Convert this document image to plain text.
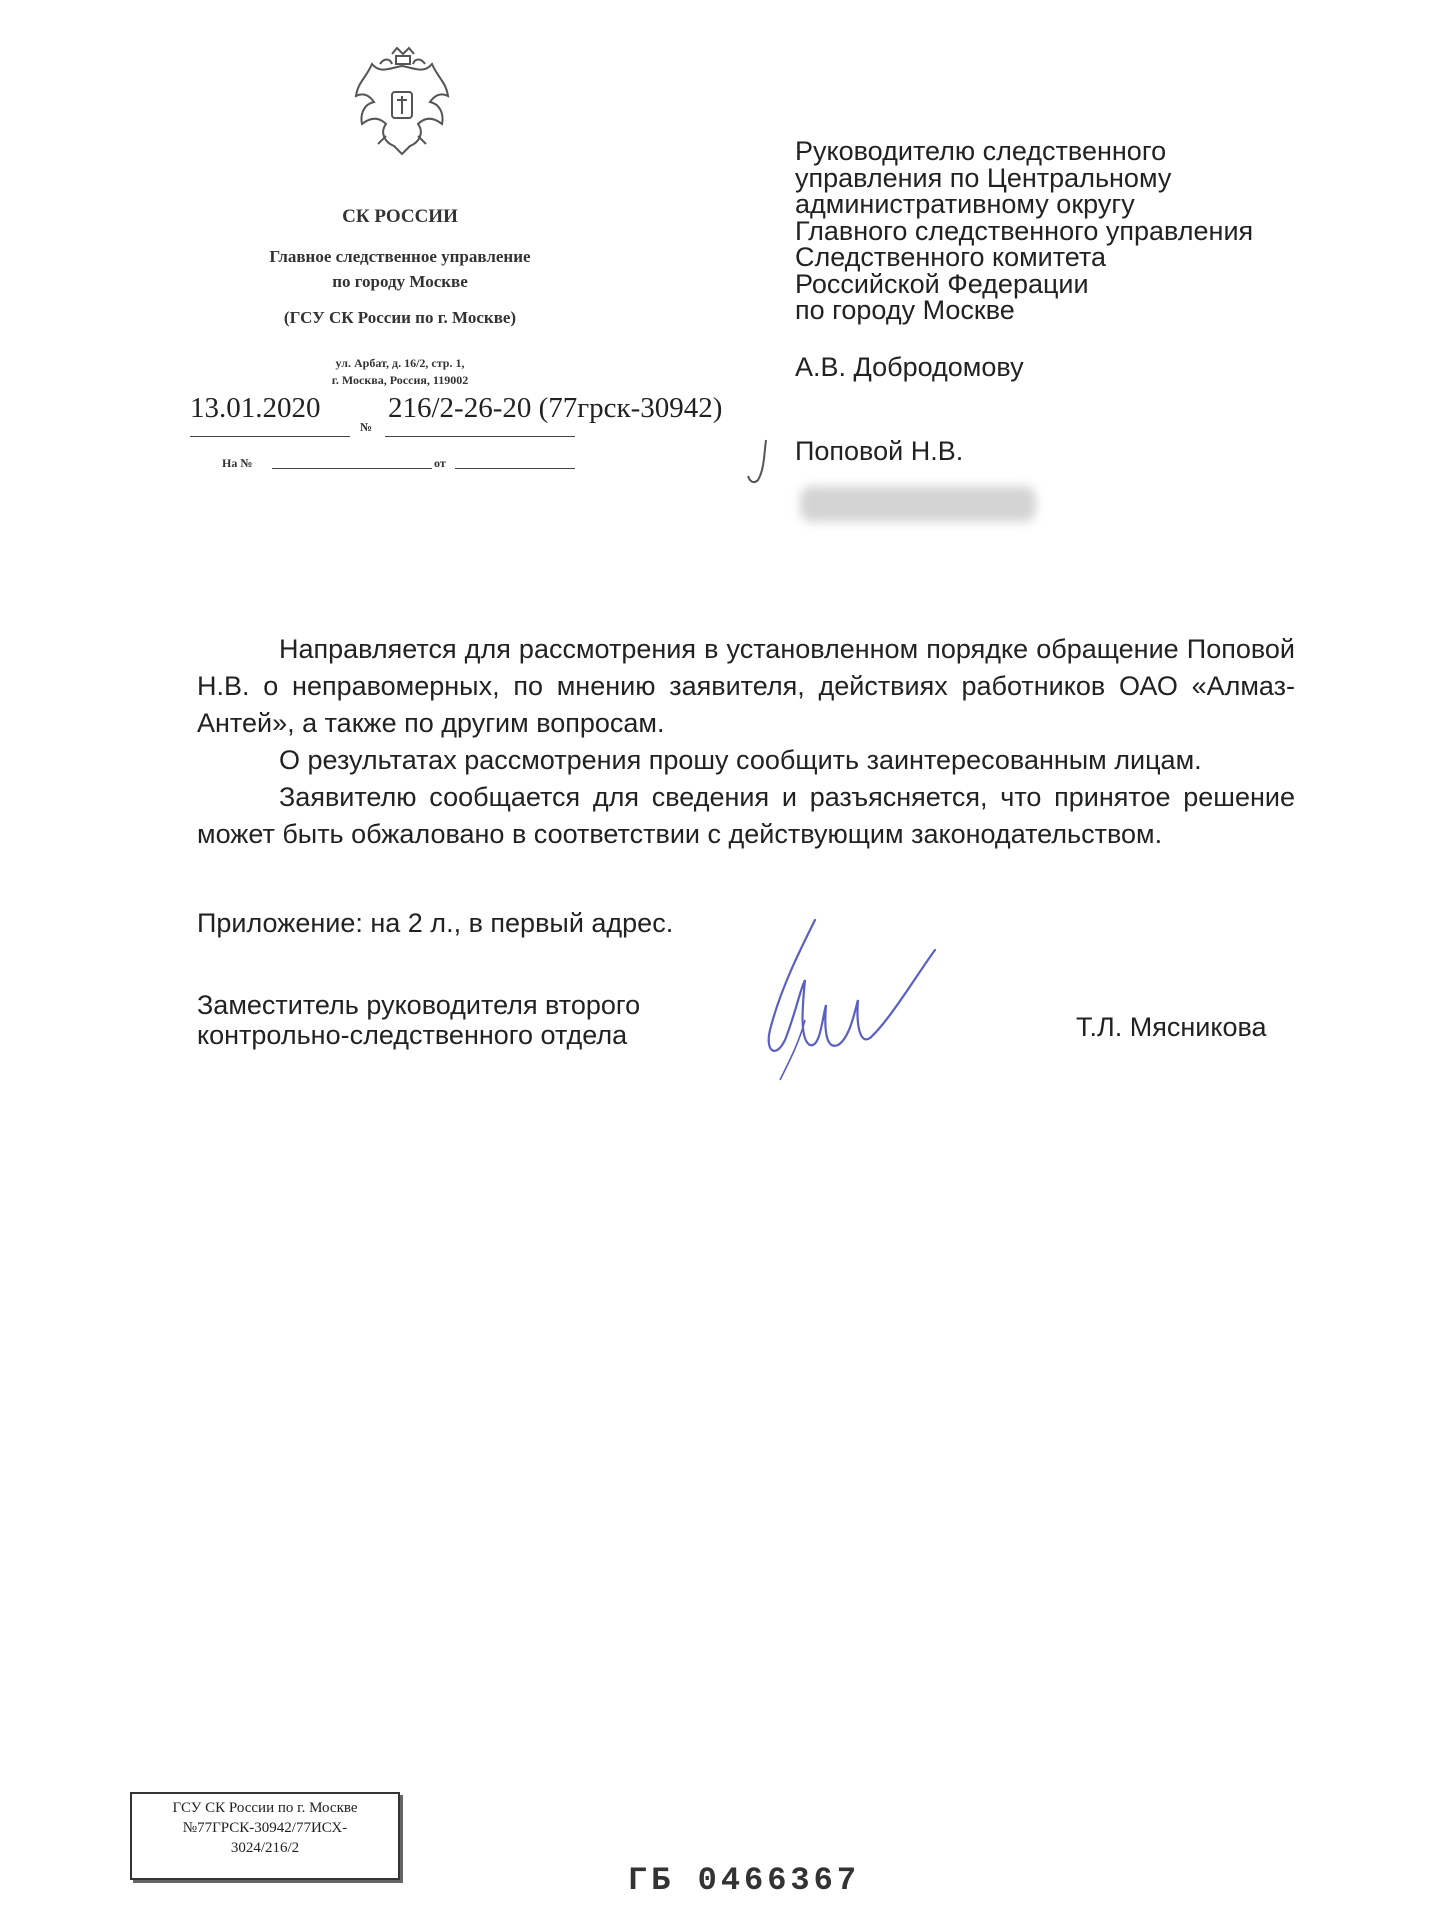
СК РОССИИ
Главное следственное управление
по городу Москве
(ГСУ СК России по г. Москве)
ул. Арбат, д. 16/2, стр. 1,
г. Москва, Россия, 119002
13.01.2020
№
216/2-26-20 (77грск-30942)
На №	от
Руководителю следственного
управления по Центральному
административному округу
Главного следственного управления
Следственного комитета
Российской Федерации
по городу Москве
А.В. Добродомову
Поповой Н.В.

Направляется для рассмотрения в установленном порядке обращение Поповой Н.В. о неправомерных, по мнению заявителя, действиях работников ОАО «Алмаз-Антей», а также по другим вопросам.

О результатах рассмотрения прошу сообщить заинтересованным лицам.

Заявителю сообщается для сведения и разъясняется, что принятое решение может быть обжаловано в соответствии с действующим законодательством.

Приложение: на 2 л., в первый адрес.
Заместитель руководителя второго
контрольно-следственного отдела	Т.Л. Мясникова
ГСУ СК России по г. Москве
№77ГРСК-30942/77ИСХ-
3024/216/2
ГБ 0466367
